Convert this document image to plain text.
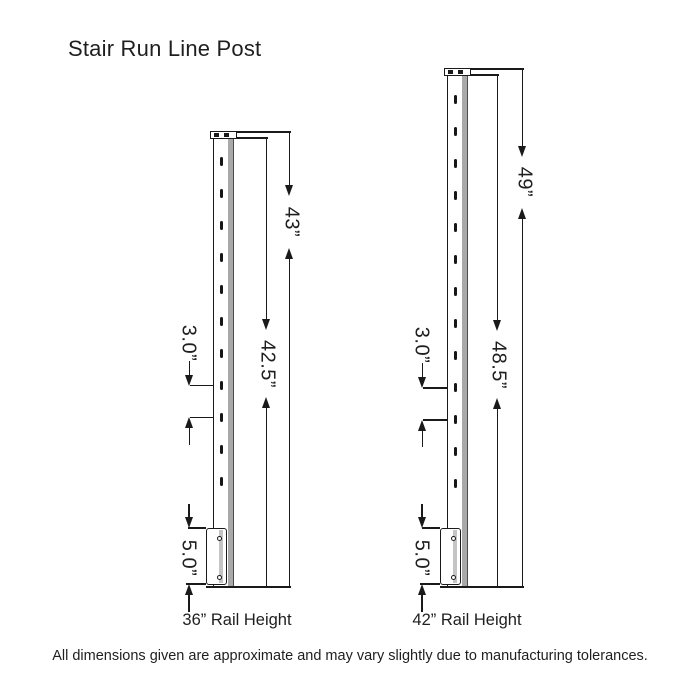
Stair Run Line Post
43”
42.5”
3.0”
5.0”
36” Rail Height
49”
48.5”
3.0”
5.0”
42” Rail Height
All dimensions given are approximate and may vary slightly due to manufacturing tolerances.
